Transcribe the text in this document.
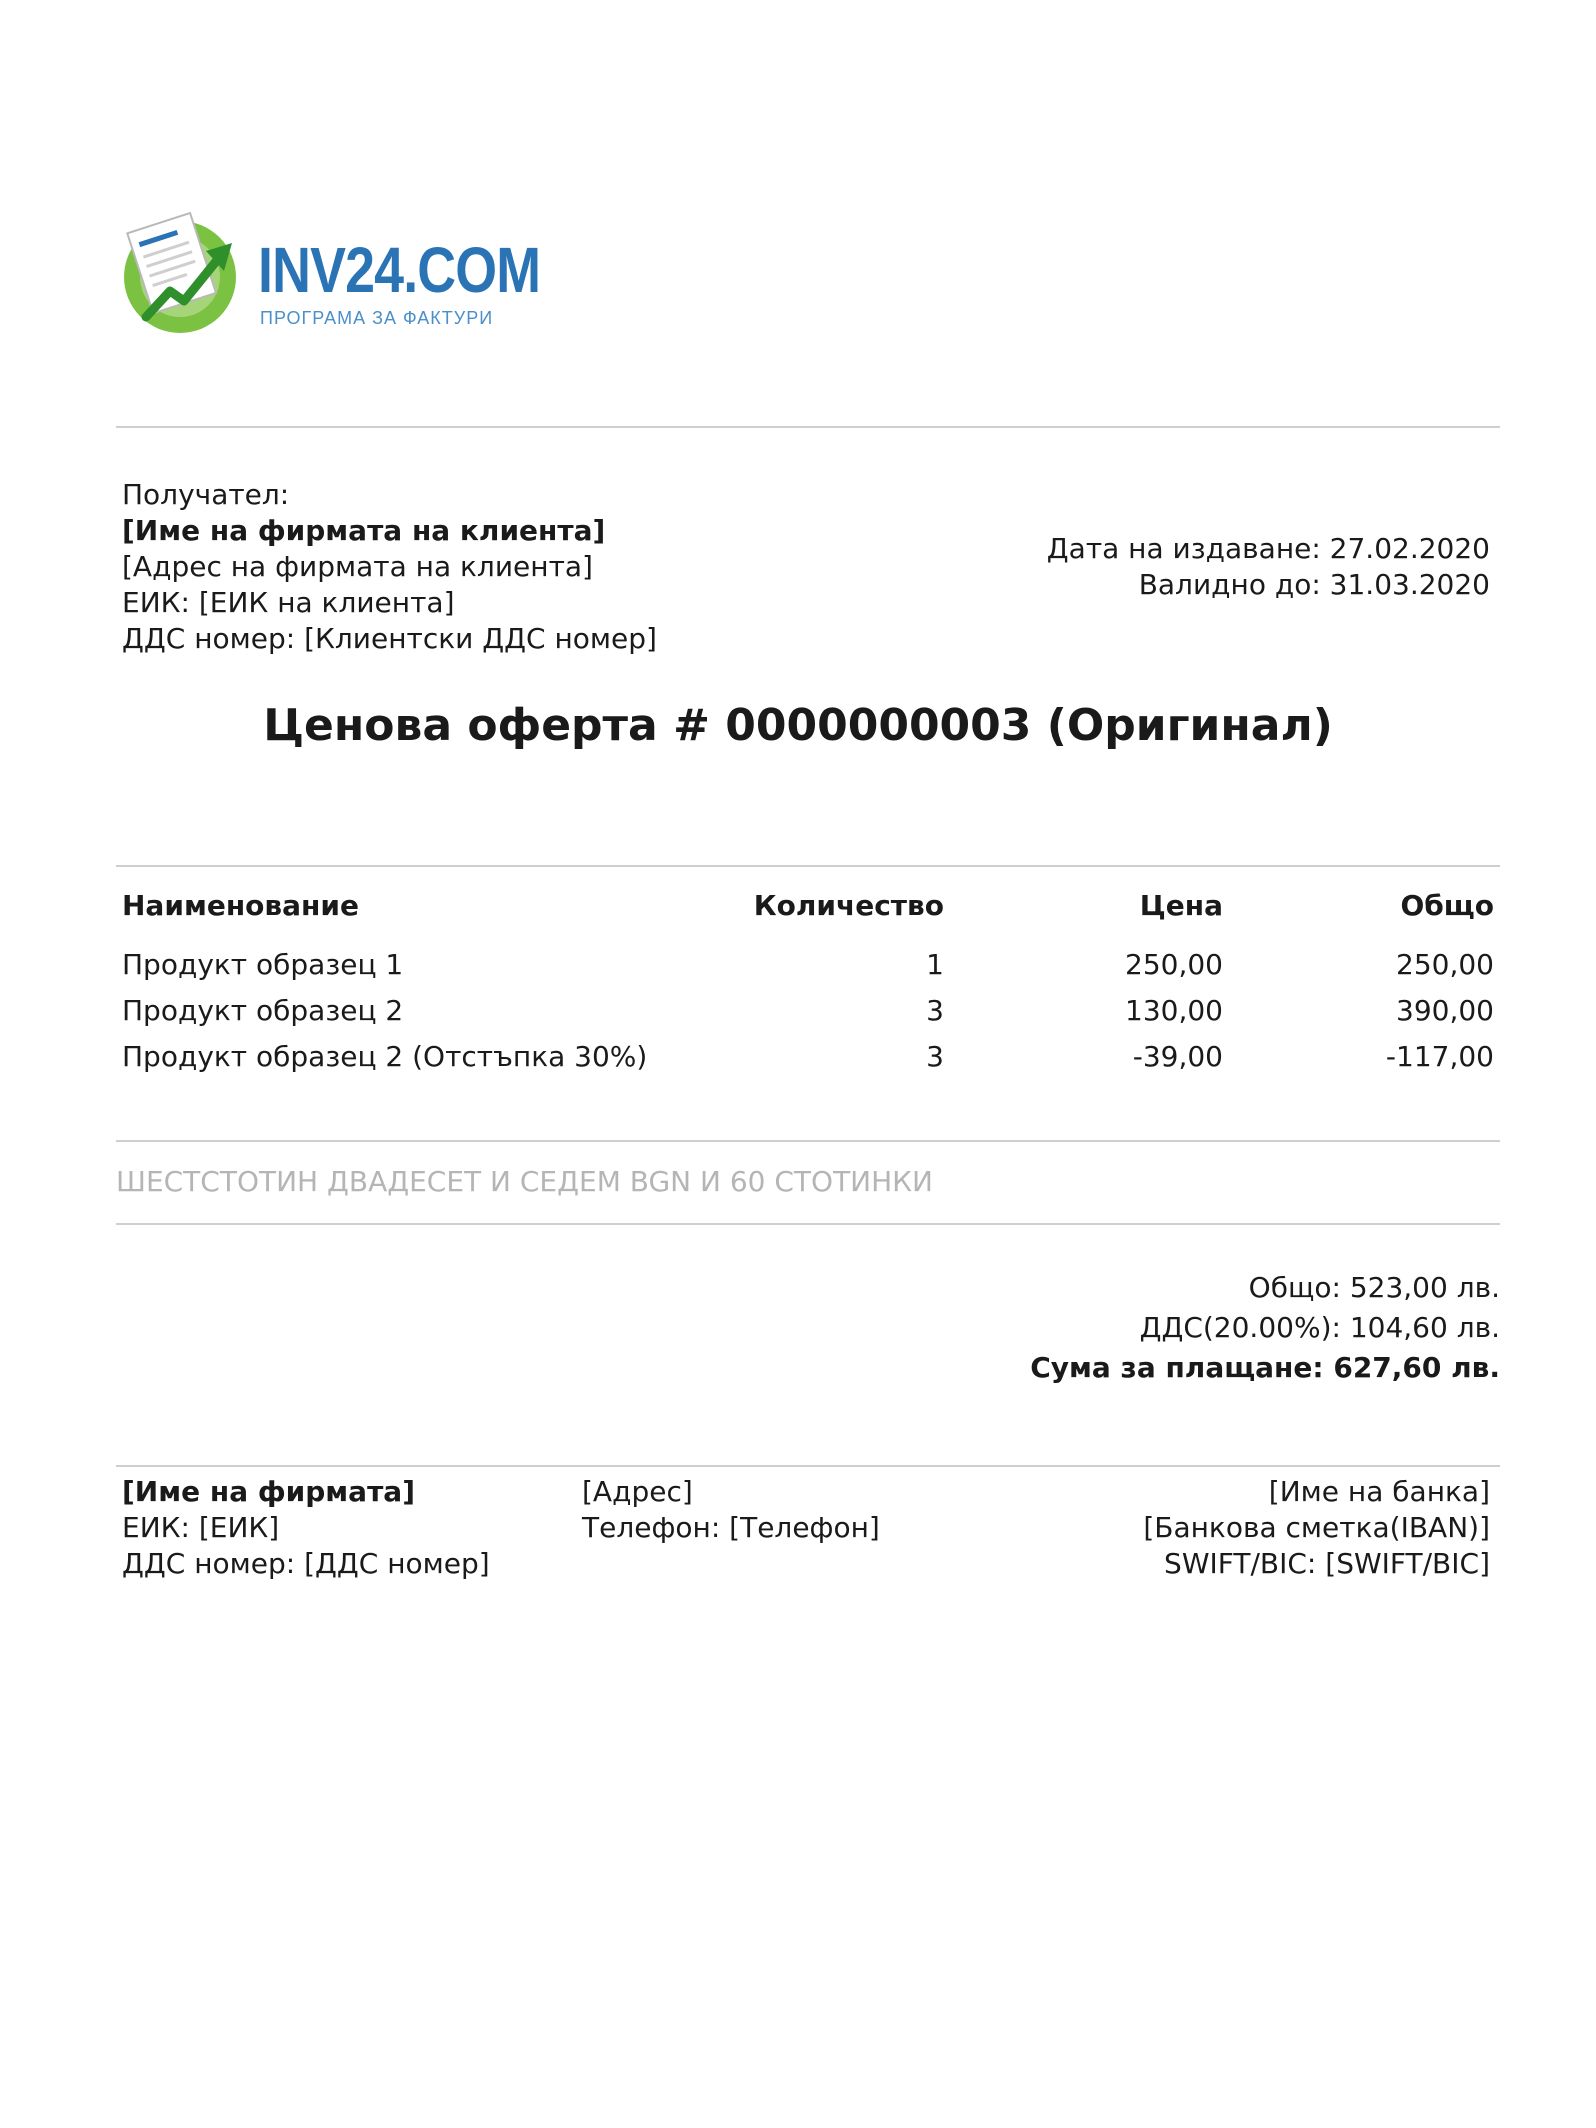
INV24.COM
ПРОГРАМА ЗА ФАКТУРИ
Получател:
[Име на фирмата на клиента]
[Адрес на фирмата на клиента]
ЕИК: [ЕИК на клиента]
ДДС номер: [Клиентски ДДС номер]
Дата на издаване: 27.02.2020
Валидно до: 31.03.2020
Ценова оферта # 0000000003 (Оригинал)
Наименование	Количество	Цена	Общо
Продукт образец 1	1	250,00	250,00
Продукт образец 2	3	130,00	390,00
Продукт образец 2 (Отстъпка 30%)	3	-39,00	-117,00
ШЕСТСТОТИН ДВАДЕСЕТ И СЕДЕМ BGN И 60 СТОТИНКИ
Общо: 523,00 лв.
ДДС(20.00%): 104,60 лв.
Сума за плащане: 627,60 лв.
[Име на фирмата]
ЕИК: [ЕИК]
ДДС номер: [ДДС номер]
[Адрес]
Телефон: [Телефон]
[Име на банка]
[Банкова сметка(IBAN)]
SWIFT/BIC: [SWIFT/BIC]
